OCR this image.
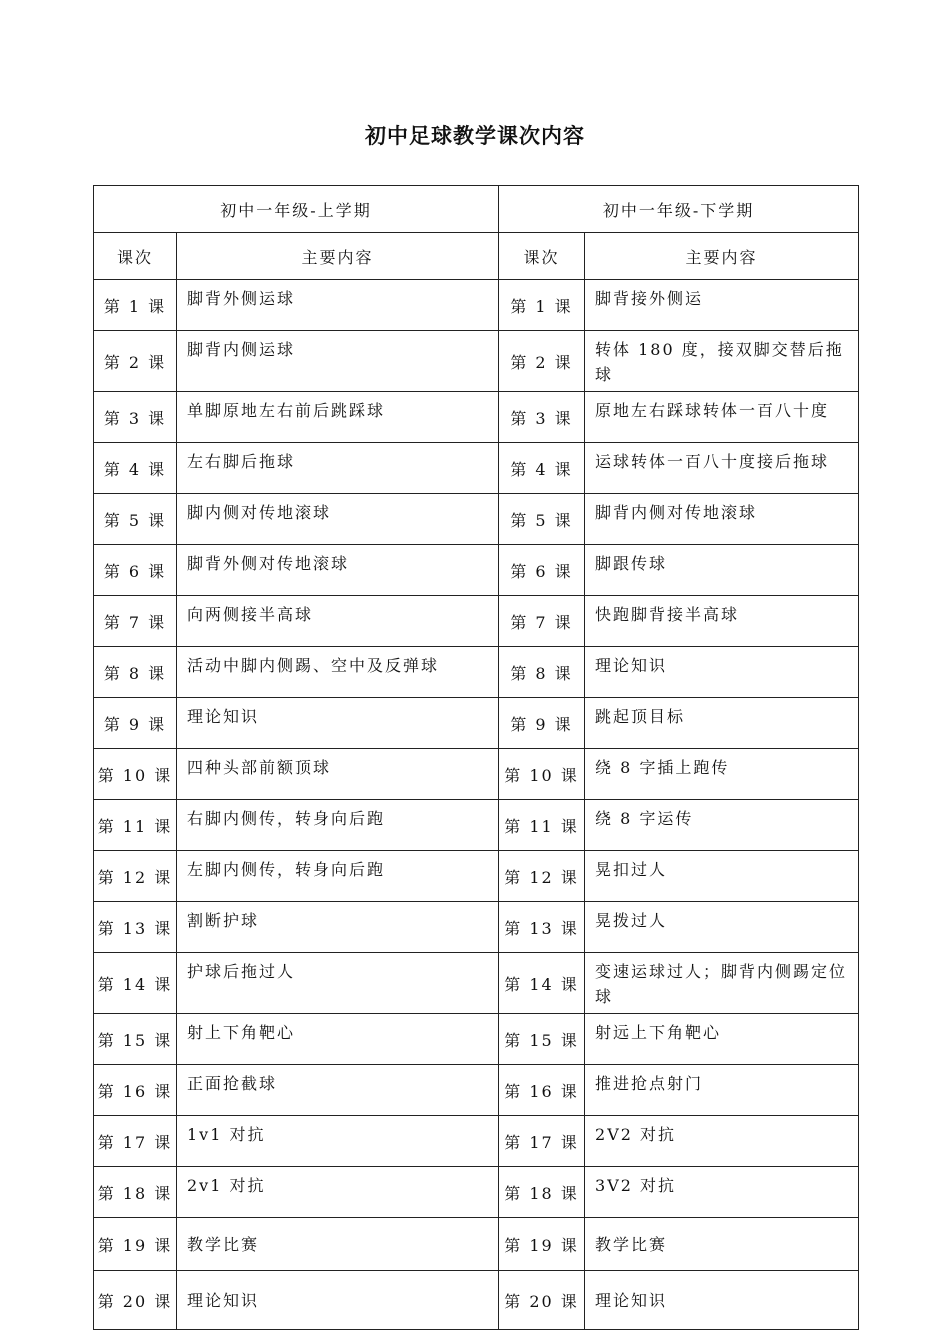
初中足球教学课次内容
初中一年级-上学期		初中一年级-下学期	
课次	主要内容	课次	主要内容
第 1 课	脚背外侧运球	第 1 课	脚背接外侧运
第 2 课	脚背内侧运球	第 2 课	转体 180 度，接双脚交替后拖球
第 3 课	单脚原地左右前后跳踩球	第 3 课	原地左右踩球转体一百八十度
第 4 课	左右脚后拖球	第 4 课	运球转体一百八十度接后拖球
第 5 课	脚内侧对传地滚球	第 5 课	脚背内侧对传地滚球
第 6 课	脚背外侧对传地滚球	第 6 课	脚跟传球
第 7 课	向两侧接半高球	第 7 课	快跑脚背接半高球
第 8 课	活动中脚内侧踢、空中及反弹球	第 8 课	理论知识
第 9 课	理论知识	第 9 课	跳起顶目标
第 10 课	四种头部前额顶球	第 10 课	绕 8 字插上跑传
第 11 课	右脚内侧传，转身向后跑	第 11 课	绕 8 字运传
第 12 课	左脚内侧传，转身向后跑	第 12 课	晃扣过人
第 13 课	割断护球	第 13 课	晃拨过人
第 14 课	护球后拖过人	第 14 课	变速运球过人；脚背内侧踢定位球
第 15 课	射上下角靶心	第 15 课	射远上下角靶心
第 16 课	正面抢截球	第 16 课	推进抢点射门
第 17 课	1v1 对抗	第 17 课	2V2 对抗
第 18 课	2v1 对抗	第 18 课	3V2 对抗
第 19 课	教学比赛	第 19 课	教学比赛
第 20 课	理论知识	第 20 课	理论知识
